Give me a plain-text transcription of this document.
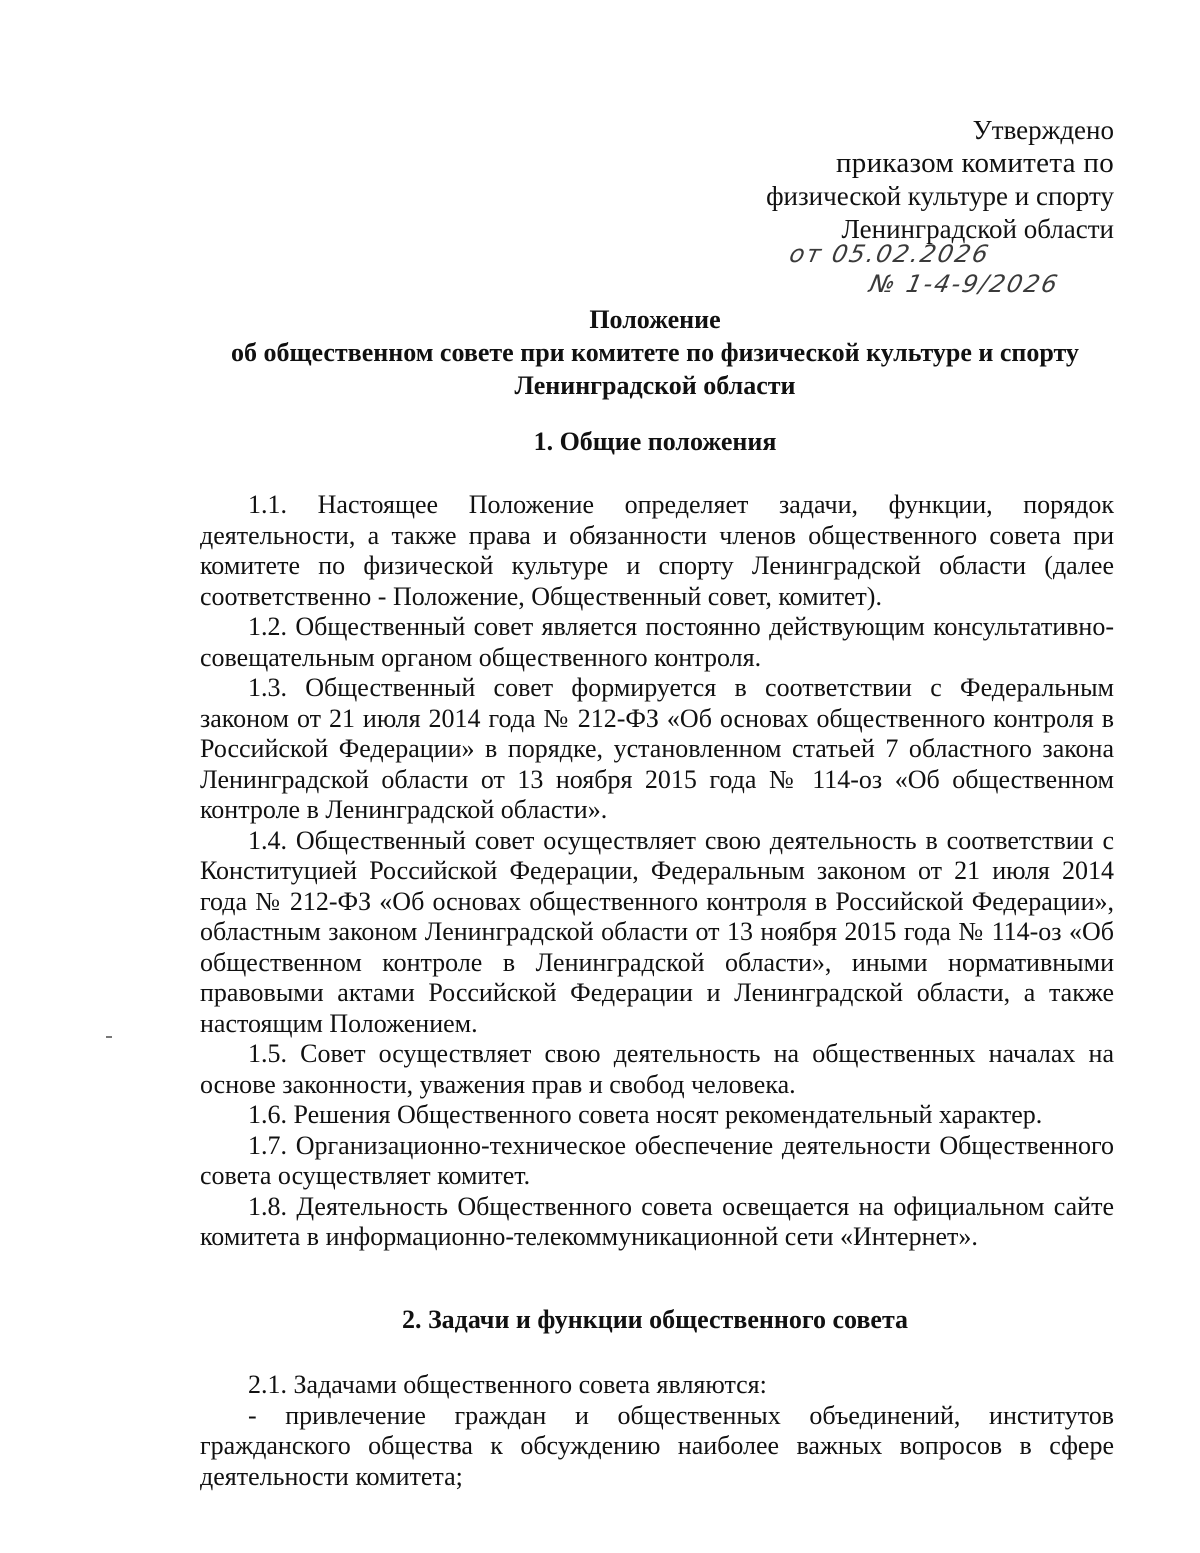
Утверждено
приказом комитета по
физической культуре и спорту
Ленинградской области
от 05.02.2026
№ 1-4-9/2026
Положение
об общественном совете при комитете по физической культуре и спорту
Ленинградской области
1. Общие положения

1.1. Настоящее Положение определяет задачи, функции, порядок деятельности, а также права и обязанности членов общественного совета при комитете по физической культуре и спорту Ленинградской области (далее соответственно - Положение, Общественный совет, комитет).

1.2. Общественный совет является постоянно действующим консультативно-совещательным органом общественного контроля.

1.3. Общественный совет формируется в соответствии с Федеральным законом от 21 июля 2014 года № 212-ФЗ «Об основах общественного контроля в Российской Федерации» в порядке, установленном статьей 7 областного закона Ленинградской области от 13 ноября 2015 года № 114-оз «Об общественном контроле в Ленинградской области».

1.4. Общественный совет осуществляет свою деятельность в соответствии с Конституцией Российской Федерации, Федеральным законом от 21 июля 2014 года № 212-ФЗ «Об основах общественного контроля в Российской Федерации», областным законом Ленинградской области от 13 ноября 2015 года № 114-оз «Об общественном контроле в Ленинградской области», иными нормативными правовыми актами Российской Федерации и Ленинградской области, а также настоящим Положением.

1.5. Совет осуществляет свою деятельность на общественных началах на основе законности, уважения прав и свобод человека.

1.6. Решения Общественного совета носят рекомендательный характер.

1.7. Организационно-техническое обеспечение деятельности Общественного совета осуществляет комитет.

1.8. Деятельность Общественного совета освещается на официальном сайте комитета в информационно-телекоммуникационной сети «Интернет».

2. Задачи и функции общественного совета

2.1. Задачами общественного совета являются:

- привлечение граждан и общественных объединений, институтов гражданского общества к обсуждению наиболее важных вопросов в сфере деятельности комитета;
